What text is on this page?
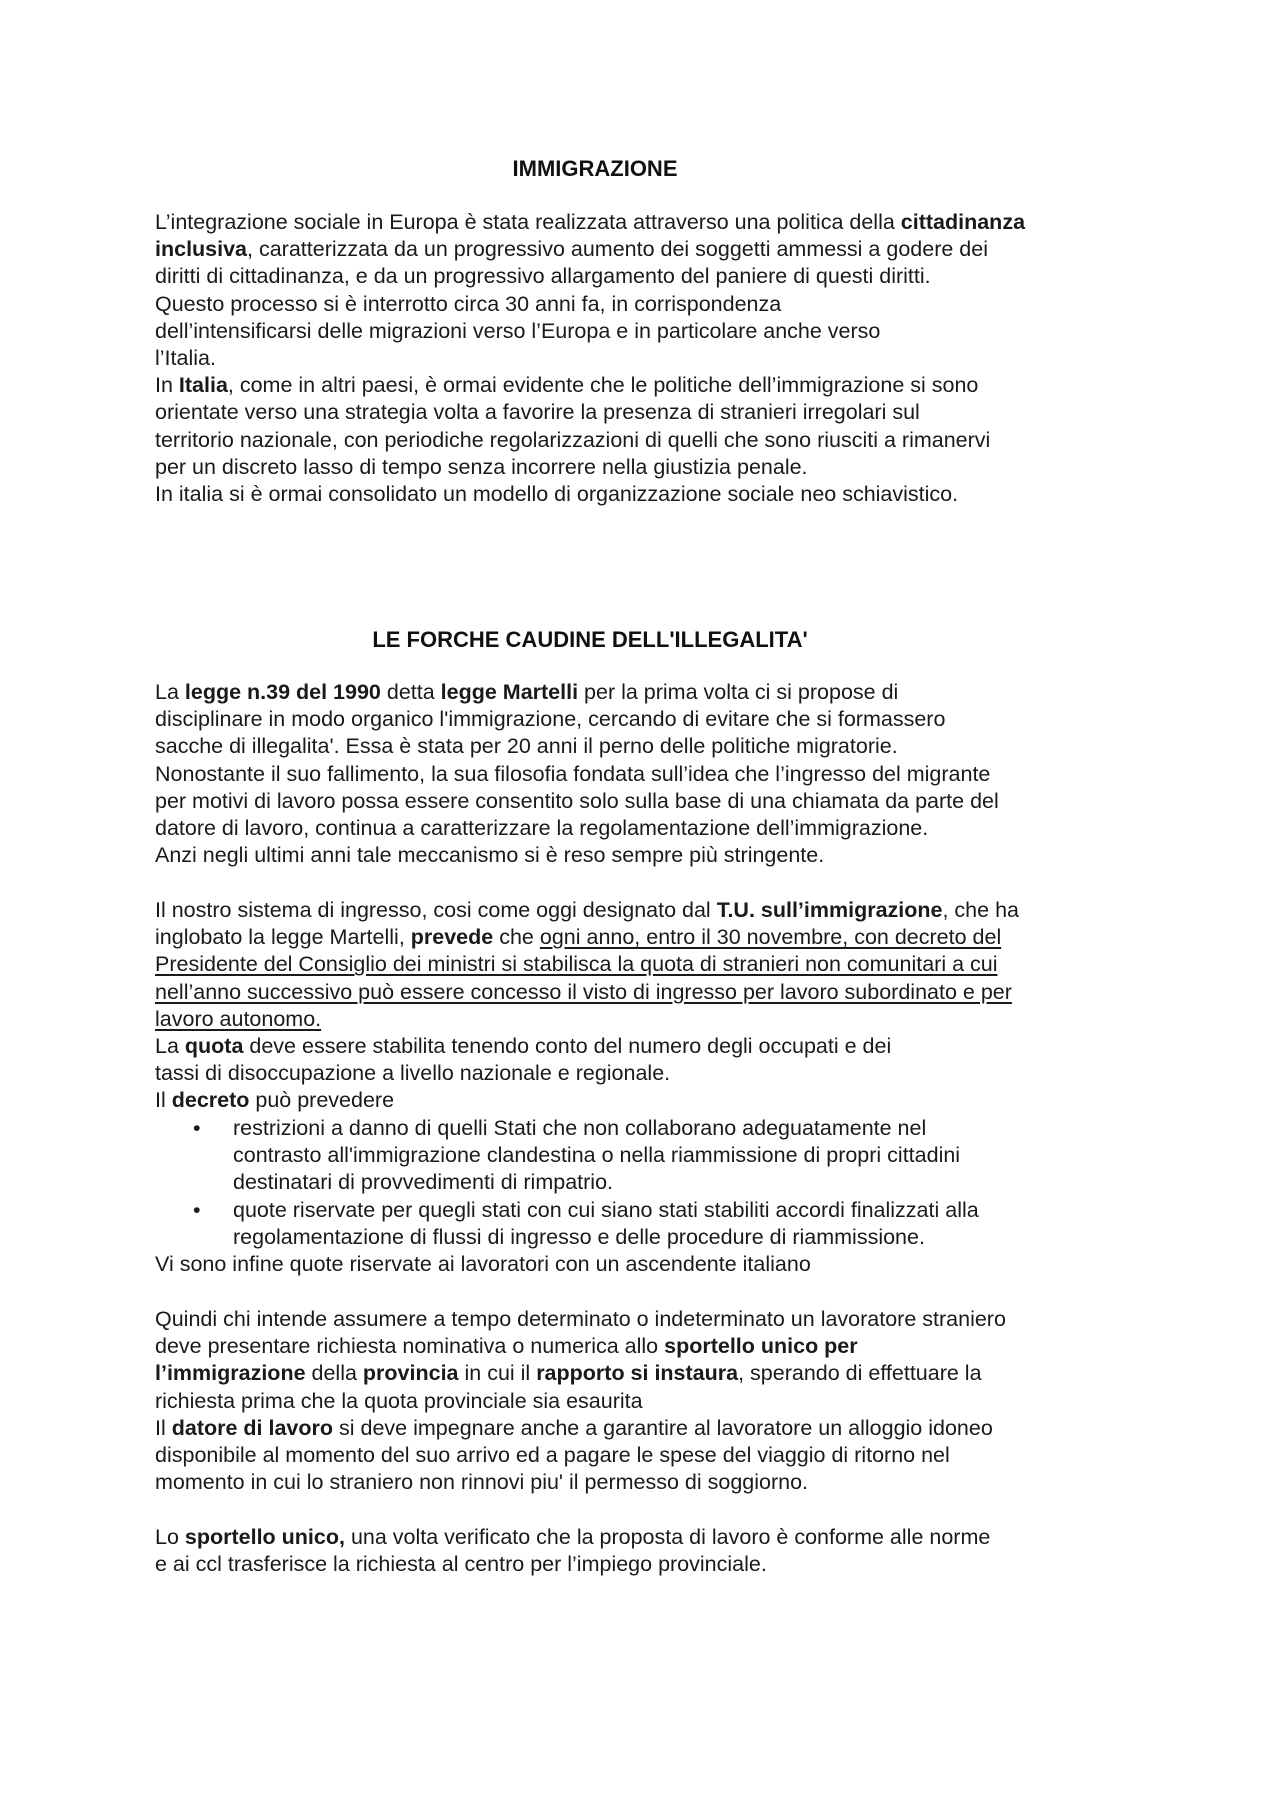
IMMIGRAZIONE
L’integrazione sociale in Europa è stata realizzata attraverso una politica della cittadinanza
inclusiva, caratterizzata da un progressivo aumento dei soggetti ammessi a godere dei
diritti di cittadinanza, e da un progressivo allargamento del paniere di questi diritti.
Questo processo si è interrotto circa 30 anni fa, in corrispondenza
dell’intensificarsi delle migrazioni verso l’Europa e in particolare anche verso
l’Italia.
In Italia, come in altri paesi, è ormai evidente che le politiche dell’immigrazione si sono
orientate verso una strategia volta a favorire la presenza di stranieri irregolari sul
territorio nazionale, con periodiche regolarizzazioni di quelli che sono riusciti a rimanervi
per un discreto lasso di tempo senza incorrere nella giustizia penale.
In italia si è ormai consolidato un modello di organizzazione sociale neo schiavistico.
LE FORCHE CAUDINE DELL'ILLEGALITA'
La legge n.39 del 1990 detta legge Martelli per la prima volta ci si propose di
disciplinare in modo organico l'immigrazione, cercando di evitare che si formassero
sacche di illegalita'. Essa è stata per 20 anni il perno delle politiche migratorie.
Nonostante il suo fallimento, la sua filosofia fondata sull’idea che l’ingresso del migrante
per motivi di lavoro possa essere consentito solo sulla base di una chiamata da parte del
datore di lavoro, continua a caratterizzare la regolamentazione dell’immigrazione.
Anzi negli ultimi anni tale meccanismo si è reso sempre più stringente.
Il nostro sistema di ingresso, cosi come oggi designato dal T.U. sull’immigrazione, che ha
inglobato la legge Martelli, prevede che ogni anno, entro il 30 novembre, con decreto del
Presidente del Consiglio dei ministri si stabilisca la quota di stranieri non comunitari a cui
nell’anno successivo può essere concesso il visto di ingresso per lavoro subordinato e per
lavoro autonomo.
La quota deve essere stabilita tenendo conto del numero degli occupati e dei
tassi di disoccupazione a livello nazionale e regionale.
Il decreto può prevedere
• restrizioni a danno di quelli Stati che non collaborano adeguatamente nel
contrasto all'immigrazione clandestina o nella riammissione di propri cittadini
destinatari di provvedimenti di rimpatrio.
• quote riservate per quegli stati con cui siano stati stabiliti accordi finalizzati alla
regolamentazione di flussi di ingresso e delle procedure di riammissione.
Vi sono infine quote riservate ai lavoratori con un ascendente italiano
Quindi chi intende assumere a tempo determinato o indeterminato un lavoratore straniero
deve presentare richiesta nominativa o numerica allo sportello unico per
l’immigrazione della provincia in cui il rapporto si instaura, sperando di effettuare la
richiesta prima che la quota provinciale sia esaurita
Il datore di lavoro si deve impegnare anche a garantire al lavoratore un alloggio idoneo
disponibile al momento del suo arrivo ed a pagare le spese del viaggio di ritorno nel
momento in cui lo straniero non rinnovi piu' il permesso di soggiorno.
Lo sportello unico, una volta verificato che la proposta di lavoro è conforme alle norme
e ai ccl trasferisce la richiesta al centro per l’impiego provinciale.
